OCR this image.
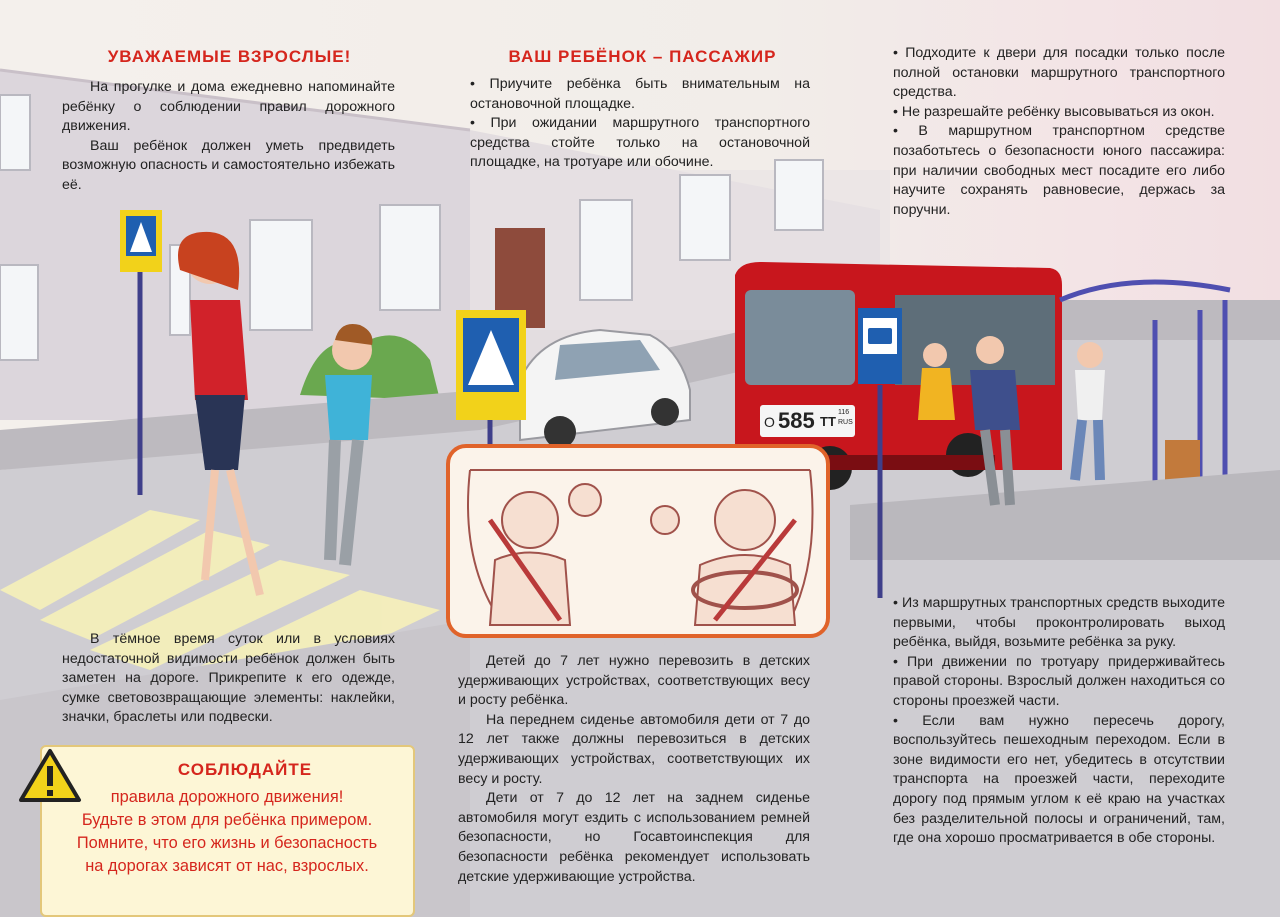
О 585 ТТ
116
RUS
УВАЖАЕМЫЕ ВЗРОСЛЫЕ!

На прогулке и дома ежедневно напоминайте ребёнку о соблюдении правил дорожного движения.

Ваш ребёнок должен уметь предвидеть возможную опасность и самостоятельно избежать её.

В тёмное время суток или в условиях недостаточной видимости ребёнок должен быть заметен на дороге. Прикрепите к его одежде, сумке световозвращающие элементы: наклейки, значки, браслеты или подвески.

СОБЛЮДАЙТЕ
правила дорожного движения!
Будьте в этом для ребёнка примером.
Помните, что его жизнь и безопасность
на дорогах зависят от нас, взрослых.
ВАШ РЕБЁНОК – ПАССАЖИР

• Приучите ребёнка быть внимательным на остановочной площадке.

• При ожидании маршрутного транспортного средства стойте только на остановочной площадке, на тротуаре или обочине.

Детей до 7 лет нужно перевозить в детских удерживающих устройствах, соответствующих весу и росту ребёнка.

На переднем сиденье автомобиля дети от 7 до 12 лет также должны перевозиться в детских удерживающих устройствах, соответствующих их весу и росту.

Дети от 7 до 12 лет на заднем сиденье автомобиля могут ездить с использованием ремней безопасности, но Госавтоинспекция для безопасности ребёнка рекомендует использовать детские удерживающие устройства.

• Подходите к двери для посадки только после полной остановки маршрутного транспортного средства.

• Не разрешайте ребёнку высовываться из окон.

• В маршрутном транспортном средстве позаботьтесь о безопасности юного пассажира: при наличии свободных мест посадите его либо научите сохранять равновесие, держась за поручни.

• Из маршрутных транспортных средств выходите первыми, чтобы проконтролировать выход ребёнка, выйдя, возьмите ребёнка за руку.

• При движении по тротуару придерживайтесь правой стороны. Взрослый должен находиться со стороны проезжей части.

• Если вам нужно пересечь дорогу, воспользуйтесь пешеходным переходом. Если в зоне видимости его нет, убедитесь в отсутствии транспорта на проезжей части, переходите дорогу под прямым углом к её краю на участках без разделительной полосы и ограничений, там, где она хорошо просматривается в обе стороны.
